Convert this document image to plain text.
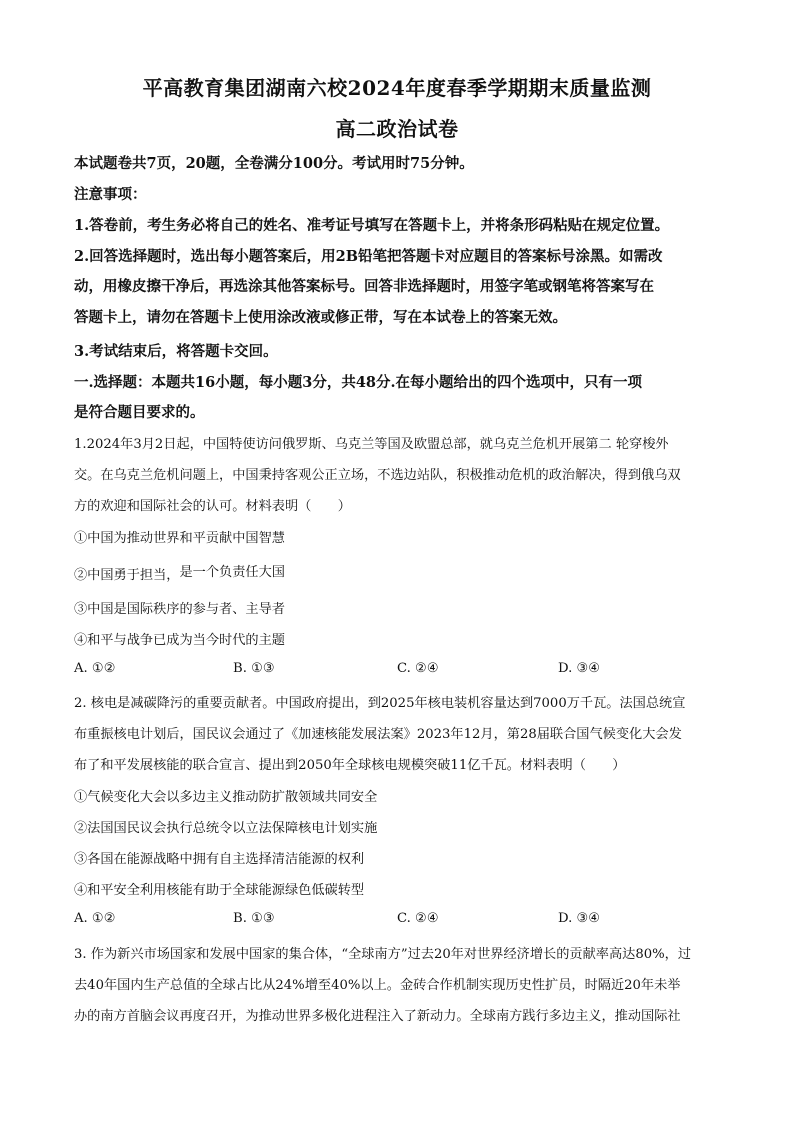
平高教育集团湖南六校2024年度春季学期期末质量监测
高二政治试卷
本试题卷共7页，20题，全卷满分100分。考试用时75分钟。
注意事项：
1.答卷前，考生务必将自己的姓名、准考证号填写在答题卡上，并将条形码粘贴在规定位置。
2.回答选择题时，选出每小题答案后，用2B铅笔把答题卡对应题目的答案标号涂黑。如需改
动，用橡皮擦干净后，再选涂其他答案标号。回答非选择题时，用签字笔或钢笔将答案写在
答题卡上，请勿在答题卡上使用涂改液或修正带，写在本试卷上的答案无效。
3.考试结束后，将答题卡交回。
一.选择题：本题共16小题，每小题3分，共48分.在每小题给出的四个选项中，只有一项
是符合题目要求的。
1.2024年3月2日起，中国特使访问俄罗斯、乌克兰等国及欧盟总部，就乌克兰危机开展第二 轮穿梭外
交。在乌克兰危机问题上，中国秉持客观公正立场，不选边站队，积极推动危机的政治解决，得到俄乌双
方的欢迎和国际社会的认可。材料表明（　　）
①中国为推动世界和平贡献中国智慧
②中国勇于担当，是一个负责任大国
③中国是国际秩序的参与者、主导者
④和平与战争已成为当今时代的主题
A. ①②	B. ①③	C. ②④	D. ③④
2. 核电是减碳降污的重要贡献者。中国政府提出，到2025年核电装机容量达到7000万千瓦。法国总统宣
布重振核电计划后，国民议会通过了《加速核能发展法案》2023年12月，第28届联合国气候变化大会发
布了和平发展核能的联合宣言、提出到2050年全球核电规模突破11亿千瓦。材料表明（　　）
①气候变化大会以多边主义推动防扩散领域共同安全
②法国国民议会执行总统令以立法保障核电计划实施
③各国在能源战略中拥有自主选择清洁能源的权利
④和平安全利用核能有助于全球能源绿色低碳转型
A. ①②	B. ①③	C. ②④	D. ③④
3. 作为新兴市场国家和发展中国家的集合体，“全球南方”过去20年对世界经济增长的贡献率高达80%，过
去40年国内生产总值的全球占比从24%增至40%以上。金砖合作机制实现历史性扩员，时隔近20年未举
办的南方首脑会议再度召开，为推动世界多极化进程注入了新动力。全球南方践行多边主义，推动国际社
